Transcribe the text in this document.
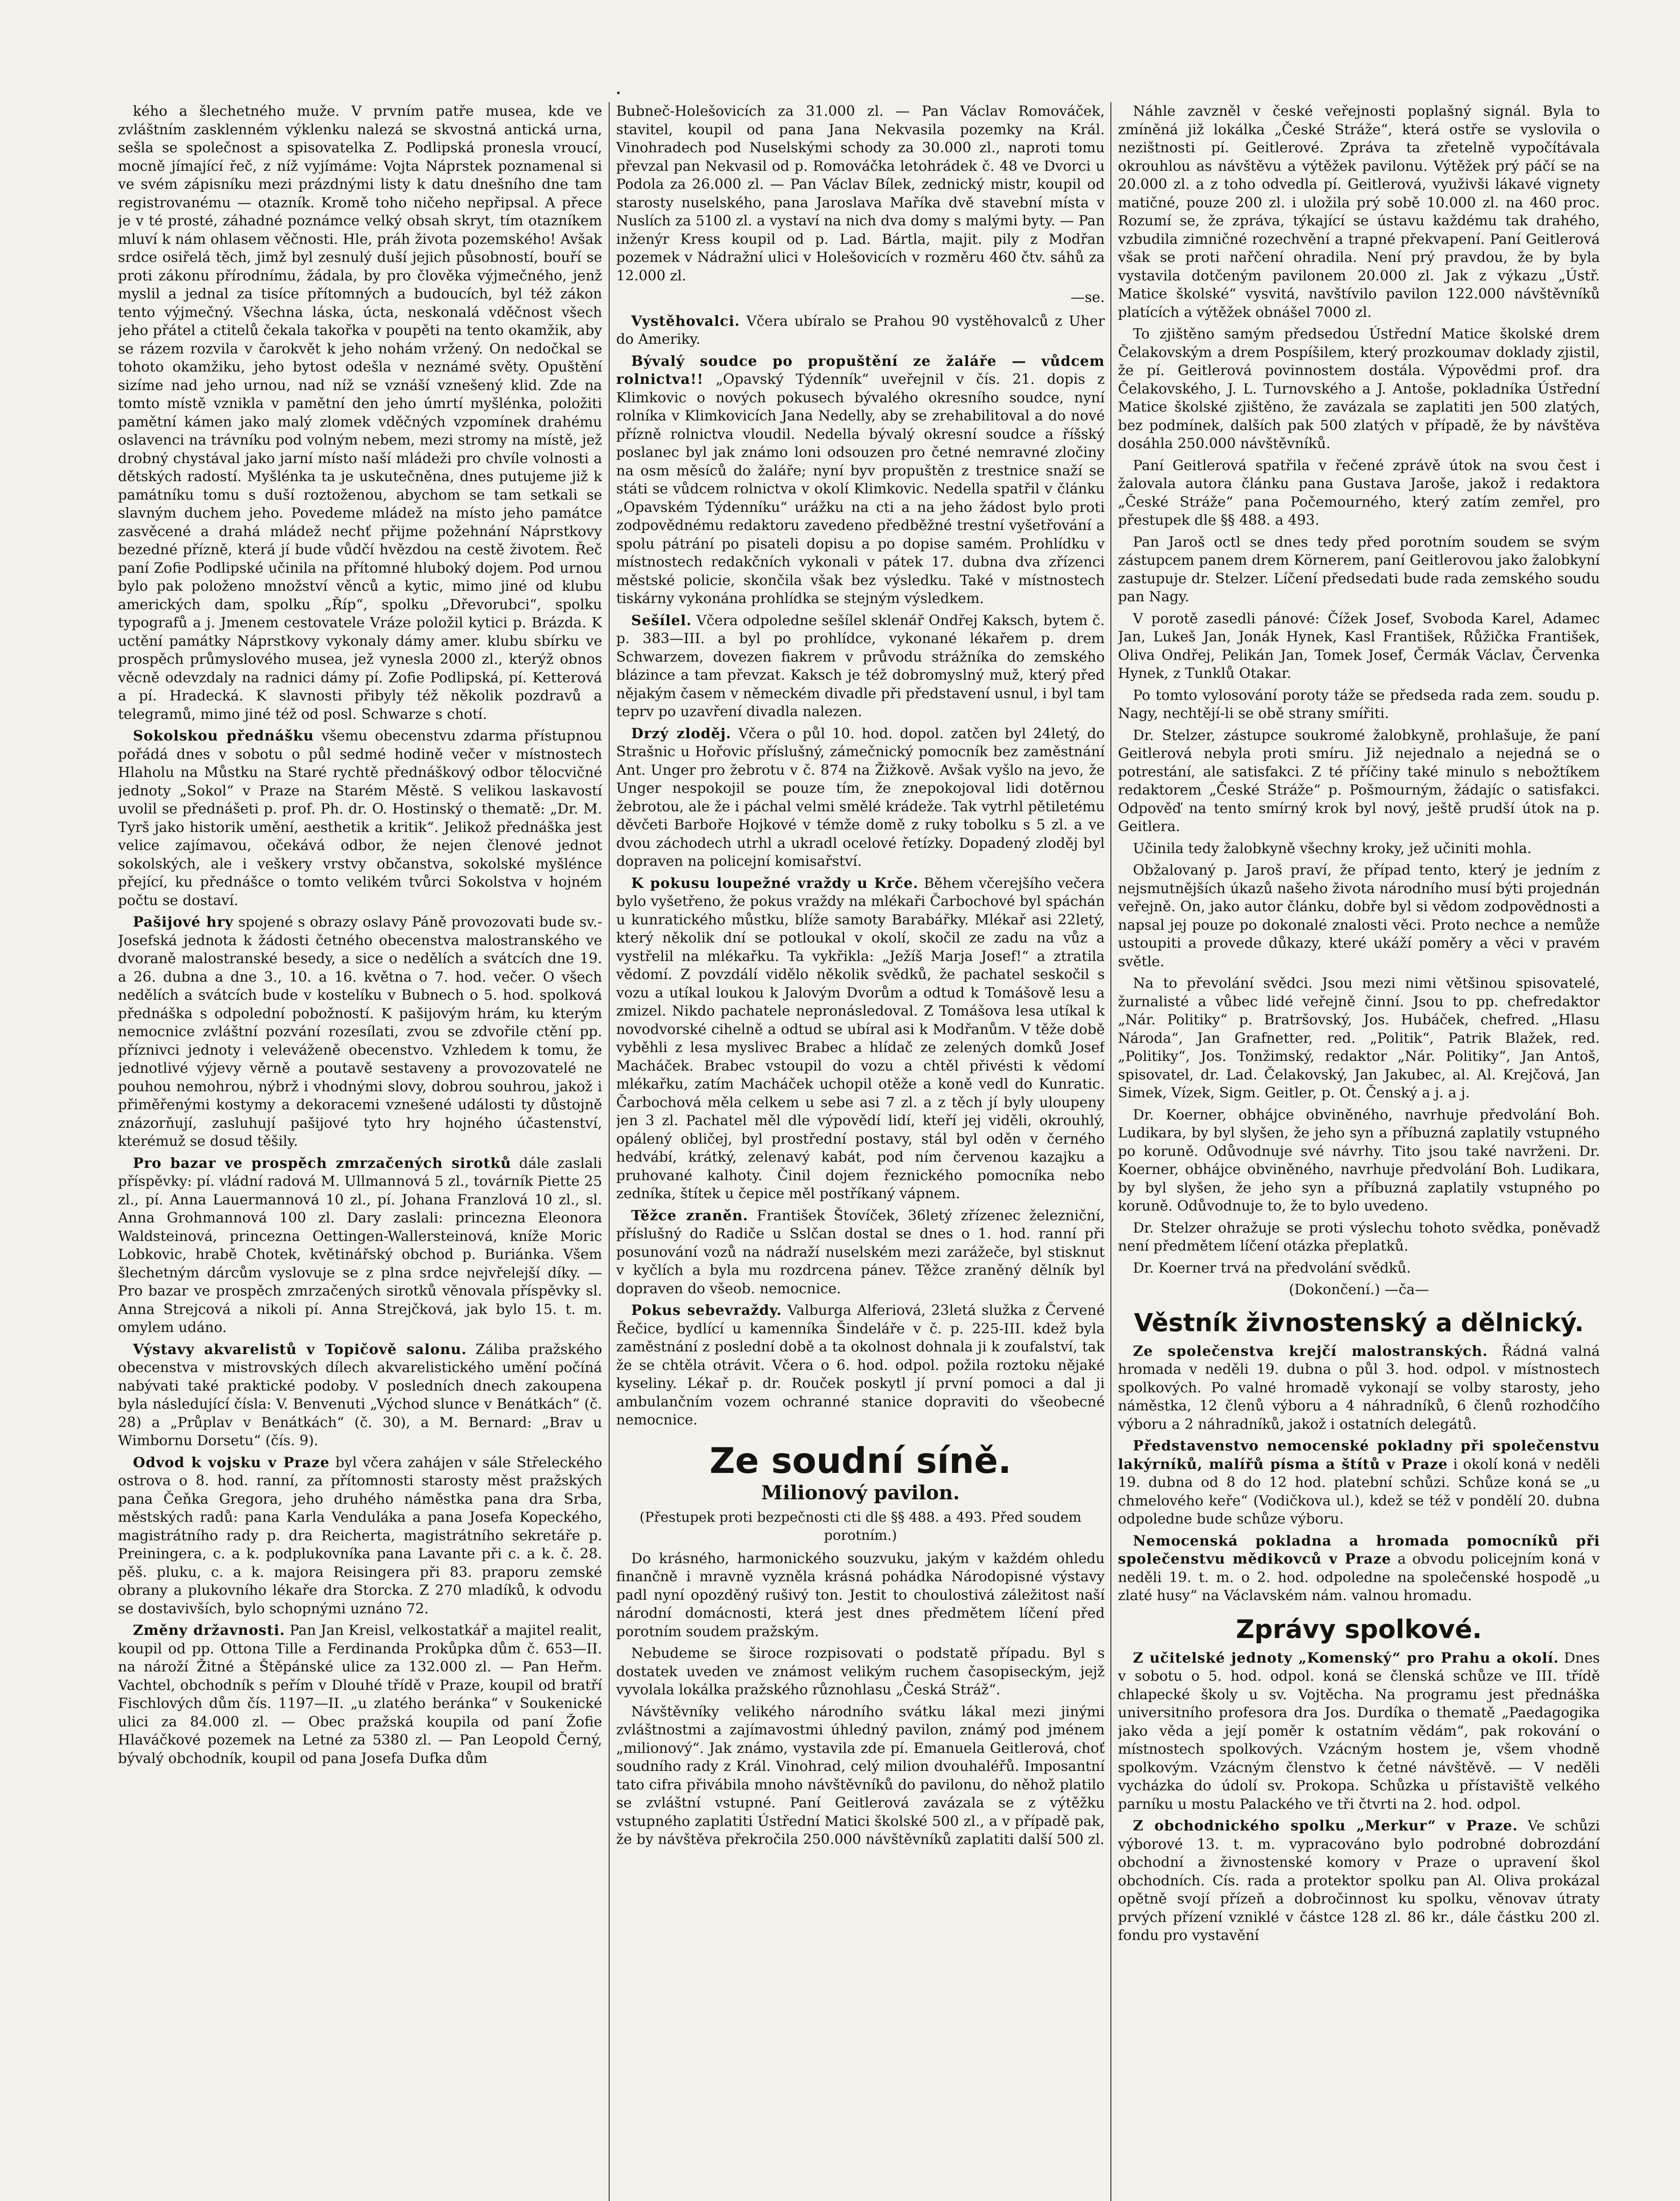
kého a šlechetného muže. V prvním patře musea, kde ve zvláštním zasklenném výklenku nalezá se skvostná antická urna, sešla se společnost a spisovatelka Z. Podlipská pronesla vroucí, mocně jímající řeč, z níž vyjímáme: Vojta Náprstek poznamenal si ve svém zápisníku mezi prázdnými listy k datu dnešního dne tam registrovanému — otazník. Kromě toho ničeho nepřipsal. A přece je v té prosté, záhadné poznámce velký obsah skryt, tím otazníkem mluví k nám ohlasem věčnosti. Hle, práh života pozemského! Avšak srdce osiřelá těch, jimž byl zesnulý duší jejich působností, bouří se proti zákonu přírodnímu, žádala, by pro člověka výjmečného, jenž myslil a jednal za tisíce přítomných a budoucích, byl též zákon tento výjmečný. Všechna láska, úcta, neskonalá vděčnost všech jeho přátel a ctitelů čekala takořka v poupěti na tento okamžik, aby se rázem rozvila v čarokvět k jeho nohám vržený. On nedočkal se tohoto okamžiku, jeho bytost odešla v neznámé světy. Opuštění sizíme nad jeho urnou, nad níž se vznáší vznešený klid. Zde na tomto místě vznikla v pamětní den jeho úmrtí myšlénka, položiti pamětní kámen jako malý zlomek vděčných vzpomínek drahému oslavenci na trávníku pod volným nebem, mezi stromy na místě, jež drobný chystával jako jarní místo naší mládeži pro chvíle volnosti a dětských radostí. Myšlénka ta je uskutečněna, dnes putujeme již k památníku tomu s duší roztoženou, abychom se tam setkali se slavným duchem jeho. Povedeme mládež na místo jeho památce zasvěcené a drahá mládež nechť přijme požehnání Náprstkovy bezedné přízně, která jí bude vůdčí hvězdou na cestě životem. Řeč paní Zofie Podlipské učinila na přítomné hluboký dojem. Pod urnou bylo pak položeno množství věnců a kytic, mimo jiné od klubu amerických dam, spolku „Říp“, spolku „Dřevorubci“, spolku typografů a j. Jmenem cestovatele Vráze položil kytici p. Brázda. K uctění památky Náprstkovy vykonaly dámy amer. klubu sbírku ve prospěch průmyslového musea, jež vynesla 2000 zl., kterýž obnos věcně odevzdaly na radnici dámy pí. Zofie Podlipská, pí. Ketterová a pí. Hradecká. K slavnosti přibyly též několik pozdravů a telegramů, mimo jiné též od posl. Schwarze s chotí.

Sokolskou přednášku všemu obecenstvu zdarma přístupnou pořádá dnes v sobotu o půl sedmé hodině večer v místnostech Hlaholu na Můstku na Staré rychtě přednáškový odbor tělocvičné jednoty „Sokol“ v Praze na Starém Městě. S velikou laskavostí uvolil se přednášeti p. prof. Ph. dr. O. Hostinský o thematě: „Dr. M. Tyrš jako historik umění, aesthetik a kritik“. Jelikož přednáška jest velice zajímavou, očekává odbor, že nejen členové jednot sokolských, ale i veškery vrstvy občanstva, sokolské myšlénce přející, ku přednášce o tomto velikém tvůrci Sokolstva v hojném počtu se dostaví.

Pašijové hry spojené s obrazy oslavy Páně provozovati bude sv.-Josefská jednota k žádosti četného obecenstva malostranského ve dvoraně malostranské besedy, a sice o nedělích a svátcích dne 19. a 26. dubna a dne 3., 10. a 16. května o 7. hod. večer. O všech nedělích a svátcích bude v kostelíku v Bubnech o 5. hod. spolková přednáška s odpolední pobožností. K pašijovým hrám, ku kterým nemocnice zvláštní pozvání rozesílati, zvou se zdvořile ctění pp. příznivci jednoty i veleváženě obecenstvo. Vzhledem k tomu, že jednotlivé výjevy věrně a poutavě sestaveny a provozovatelé ne pouhou nemohrou, nýbrž i vhodnými slovy, dobrou souhrou, jakož i přiměřenými kostymy a dekoracemi vznešené události ty důstojně znázorňují, zasluhují pašijové tyto hry hojného účastenství, kterémuž se dosud těšily.

Pro bazar ve prospěch zmrzačených sirotků dále zaslali příspěvky: pí. vládní radová M. Ullmannová 5 zl., továrník Piette 25 zl., pí. Anna Lauermannová 10 zl., pí. Johana Franzlová 10 zl., sl. Anna Grohmannová 100 zl. Dary zaslali: princezna Eleonora Waldsteinová, princezna Oettingen-Wallersteinová, kníže Moric Lobkovic, hrabě Chotek, květinářský obchod p. Buriánka. Všem šlechetným dárcům vyslovuje se z plna srdce nejvřelejší díky. — Pro bazar ve prospěch zmrzačených sirotků věnovala příspěvky sl. Anna Strejcová a nikoli pí. Anna Strejčková, jak bylo 15. t. m. omylem udáno.

Výstavy akvarelistů v Topičově salonu. Záliba pražského obecenstva v mistrovských dílech akvarelistického umění počíná nabývati také praktické podoby. V posledních dnech zakoupena byla následující čísla: V. Benvenuti „Východ slunce v Benátkách“ (č. 28) a „Průplav v Benátkách“ (č. 30), a M. Bernard: „Brav u Wimbornu Dorsetu“ (čís. 9).

Odvod k vojsku v Praze byl včera zahájen v sále Střeleckého ostrova o 8. hod. ranní, za přítomnosti starosty měst pražských pana Čeňka Gregora, jeho druhého náměstka pana dra Srba, městských radů: pana Karla Venduláka a pana Josefa Kopeckého, magistrátního rady p. dra Reicherta, magistrátního sekretáře p. Preiningera, c. a k. podplukovníka pana Lavante při c. a k. č. 28. pěš. pluku, c. a k. majora Reisingera při 83. praporu zemské obrany a plukovního lékaře dra Storcka. Z 270 mladíků, k odvodu se dostavivších, bylo schopnými uznáno 72.

Změny državnosti. Pan Jan Kreisl, velkostatkář a majitel realit, koupil od pp. Ottona Tille a Ferdinanda Prokůpka dům č. 653—II. na nároží Žitné a Štěpánské ulice za 132.000 zl. — Pan Heřm. Vachtel, obchodník s peřím v Dlouhé třídě v Praze, koupil od bratří Fischlových dům čís. 1197—II. „u zlatého beránka“ v Soukenické ulici za 84.000 zl. — Obec pražská koupila od paní Žofie Hlaváčkové pozemek na Letné za 5380 zl. — Pan Leopold Černý, bývalý obchodník, koupil od pana Josefa Dufka dům

Bubneč-Holešovicích za 31.000 zl. — Pan Václav Romováček, stavitel, koupil od pana Jana Nekvasila pozemky na Král. Vinohradech pod Nuselskými schody za 30.000 zl., naproti tomu převzal pan Nekvasil od p. Romováčka letohrádek č. 48 ve Dvorci u Podola za 26.000 zl. — Pan Václav Bílek, zednický mistr, koupil od starosty nuselského, pana Jaroslava Maříka dvě stavební místa v Nuslích za 5100 zl. a vystaví na nich dva domy s malými byty. — Pan inženýr Kress koupil od p. Lad. Bártla, majit. pily z Modřan pozemek v Nádražní ulici v Holešovicích v rozměru 460 čtv. sáhů za 12.000 zl.

—se.

Vystěhovalci. Včera ubíralo se Prahou 90 vystěhovalců z Uher do Ameriky.

Bývalý soudce po propuštění ze žaláře — vůdcem rolnictva!! „Opavský Týdenník“ uveřejnil v čís. 21. dopis z Klimkovic o nových pokusech bývalého okresního soudce, nyní rolníka v Klimkovicích Jana Nedelly, aby se zrehabilitoval a do nové přízně rolnictva vloudil. Nedella bývalý okresní soudce a říšský poslanec byl jak známo loni odsouzen pro četné nemravné zločiny na osm měsíců do žaláře; nyní byv propuštěn z trestnice snaží se státi se vůdcem rolnictva v okolí Klimkovic. Nedella spatřil v článku „Opavském Týdenníku“ urážku na cti a na jeho žádost bylo proti zodpovědnému redaktoru zavedeno předběžné trestní vyšetřování a spolu pátrání po pisateli dopisu a po dopise samém. Prohlídku v místnostech redakčních vykonali v pátek 17. dubna dva zřízenci městské policie, skončila však bez výsledku. Také v místnostech tiskárny vykonána prohlídka se stejným výsledkem.

Sešílel. Včera odpoledne sešílel sklenář Ondřej Kaksch, bytem č. p. 383—III. a byl po prohlídce, vykonané lékařem p. drem Schwarzem, dovezen fiakrem v průvodu strážníka do zemského blázince a tam převzat. Kaksch je též dobromyslný muž, který před nějakým časem v německém divadle při představení usnul, i byl tam teprv po uzavření divadla nalezen.

Drzý zloděj. Včera o půl 10. hod. dopol. zatčen byl 24letý, do Strašnic u Hořovic příslušný, zámečnický pomocník bez zaměstnání Ant. Unger pro žebrotu v č. 874 na Žižkově. Avšak vyšlo na jevo, že Unger nespokojil se pouze tím, že znepokojoval lidi dotěrnou žebrotou, ale že i páchal velmi smělé krádeže. Tak vytrhl pětiletému děvčeti Barboře Hojkové v témže domě z ruky tobolku s 5 zl. a ve dvou záchodech utrhl a ukradl ocelové řetízky. Dopadený zloděj byl dopraven na policejní komisařství.

K pokusu loupežné vraždy u Krče. Během včerejšího večera bylo vyšetřeno, že pokus vraždy na mlékaři Čarbochové byl spáchán u kunratického můstku, blíže samoty Barabářky. Mlékař asi 22letý, který několik dní se potloukal v okolí, skočil ze zadu na vůz a vystřelil na mlékařku. Ta vykřikla: „Ježíš Marja Josef!“ a ztratila vědomí. Z povzdálí vidělo několik svědků, že pachatel seskočil s vozu a utíkal loukou k Jalovým Dvorům a odtud k Tomášově lesu a zmizel. Nikdo pachatele nepronásledoval. Z Tomášova lesa utíkal k novodvorské cihelně a odtud se ubíral asi k Modřanům. V těže době vyběhli z lesa myslivec Brabec a hlídač ze zelených domků Josef Macháček. Brabec vstoupil do vozu a chtěl přivésti k vědomí mlékařku, zatím Macháček uchopil otěže a koně vedl do Kunratic. Čarbochová měla celkem u sebe asi 7 zl. a z těch jí byly uloupeny jen 3 zl. Pachatel měl dle výpovědí lidí, kteří jej viděli, okrouhlý, opálený obličej, byl prostřední postavy, stál byl oděn v černého hedvábí, krátký, zelenavý kabát, pod ním červenou kazajku a pruhované kalhoty. Činil dojem řeznického pomocníka nebo zedníka, štítek u čepice měl postříkaný vápnem.

Těžce zraněn. František Štovíček, 36letý zřízenec železniční, příslušný do Radiče u Sslčan dostal se dnes o 1. hod. ranní při posunování vozů na nádraží nuselském mezi zarážeče, byl stisknut v kyčlích a byla mu rozdrcena pánev. Těžce zraněný dělník byl dopraven do všeob. nemocnice.

Pokus sebevraždy. Valburga Alferiová, 23letá služka z Červené Řečice, bydlící u kamenníka Šindeláře v č. p. 225-III. kdež byla zaměstnání z poslední době a ta okolnost dohnala ji k zoufalství, tak že se chtěla otrávit. Včera o 6. hod. odpol. požila roztoku nějaké kyseliny. Lékař p. dr. Rouček poskytl jí první pomoci a dal ji ambulančním vozem ochranné stanice dopraviti do všeobecné nemocnice.

Ze soudní síně.
Milionový pavilon.

(Přestupek proti bezpečnosti cti dle §§ 488. a 493. Před soudem porotním.)

Do krásného, harmonického souzvuku, jakým v každém ohledu finančně i mravně vyzněla krásná pohádka Národopisné výstavy padl nyní opozděný rušivý ton. Jestit to choulostivá záležitost naší národní domácnosti, která jest dnes předmětem líčení před porotním soudem pražským.

Nebudeme se široce rozpisovati o podstatě případu. Byl s dostatek uveden ve známost velikým ruchem časopiseckým, jejž vyvolala lokálka pražského různohlasu „Česká Stráž“.

Návštěvníky velikého národního svátku lákal mezi jinými zvláštnostmi a zajímavostmi úhledný pavilon, známý pod jménem „milionový“. Jak známo, vystavila zde pí. Emanuela Geitlerová, choť soudního rady z Král. Vinohrad, celý milion dvouhaléřů. Imposantní tato cifra přivábila mnoho návštěvníků do pavilonu, do něhož platilo se zvláštní vstupné. Paní Geitlerová zavázala se z výtěžku vstupného zaplatiti Ústřední Matici školské 500 zl., a v případě pak, že by návštěva překročila 250.000 návštěvníků zaplatiti další 500 zl.

Náhle zavzněl v české veřejnosti poplašný signál. Byla to zmíněná již lokálka „České Stráže“, která ostře se vyslovila o nezištnosti pí. Geitlerové. Zpráva ta zřetelně vypočítávala okrouhlou as návštěvu a výtěžek pavilonu. Výtěžek prý páčí se na 20.000 zl. a z toho odvedla pí. Geitlerová, využivši lákavé vignety matičné, pouze 200 zl. i uložila prý sobě 10.000 zl. na 460 proc. Rozumí se, že zpráva, týkající se ústavu každému tak drahého, vzbudila zimničné rozechvění a trapné překvapení. Paní Geitlerová však se proti nařčení ohradila. Není prý pravdou, že by byla vystavila dotčeným pavilonem 20.000 zl. Jak z výkazu „Ústř. Matice školské“ vysvitá, navštívilo pavilon 122.000 návštěvníků platících a výtěžek obnášel 7000 zl.

To zjištěno samým předsedou Ústřední Matice školské drem Čelakovským a drem Pospíšilem, který prozkoumav doklady zjistil, že pí. Geitlerová povinnostem dostála. Výpovědmi prof. dra Čelakovského, J. L. Turnovského a J. Antoše, pokladníka Ústřední Matice školské zjištěno, že zavázala se zaplatiti jen 500 zlatých, bez podmínek, dalších pak 500 zlatých v případě, že by návštěva dosáhla 250.000 návštěvníků.

Paní Geitlerová spatřila v řečené zprávě útok na svou čest i žalovala autora článku pana Gustava Jaroše, jakož i redaktora „České Stráže“ pana Počemourného, který zatím zemřel, pro přestupek dle §§ 488. a 493.

Pan Jaroš octl se dnes tedy před porotním soudem se svým zástupcem panem drem Körnerem, paní Geitlerovou jako žalobkyní zastupuje dr. Stelzer. Líčení předsedati bude rada zemského soudu pan Nagy.

V porotě zasedli pánové: Čížek Josef, Svoboda Karel, Adamec Jan, Lukeš Jan, Jonák Hynek, Kasl František, Růžička František, Oliva Ondřej, Pelikán Jan, Tomek Josef, Čermák Václav, Červenka Hynek, z Tunklů Otakar.

Po tomto vylosování poroty táže se předseda rada zem. soudu p. Nagy, nechtějí-li se obě strany smířiti.

Dr. Stelzer, zástupce soukromé žalobkyně, prohlašuje, že paní Geitlerová nebyla proti smíru. Již nejednalo a nejedná se o potrestání, ale satisfakci. Z té příčiny také minulo s nebožtíkem redaktorem „České Stráže“ p. Pošmourným, žádajíc o satisfakci. Odpověď na tento smírný krok byl nový, ještě prudší útok na p. Geitlera.

Učinila tedy žalobkyně všechny kroky, jež učiniti mohla.

Obžalovaný p. Jaroš praví, že případ tento, který je jedním z nejsmutnějších úkazů našeho života národního musí býti projednán veřejně. On, jako autor článku, dobře byl si vědom zodpovědnosti a napsal jej pouze po dokonalé znalosti věci. Proto nechce a nemůže ustoupiti a provede důkazy, které ukáží poměry a věci v pravém světle.

Na to převolání svědci. Jsou mezi nimi většinou spisovatelé, žurnalisté a vůbec lidé veřejně činní. Jsou to pp. chefredaktor „Nár. Politiky“ p. Bratršovský, Jos. Hubáček, chefred. „Hlasu Národa“, Jan Grafnetter, red. „Politik“, Patrik Blažek, red. „Politiky“, Jos. Tonžimský, redaktor „Nár. Politiky“, Jan Antoš, spisovatel, dr. Lad. Čelakovský, Jan Jakubec, al. Al. Krejčová, Jan Simek, Vízek, Sigm. Geitler, p. Ot. Čenský a j. a j.

Dr. Koerner, obhájce obviněného, navrhuje předvolání Boh. Ludikara, by byl slyšen, že jeho syn a příbuzná zaplatily vstupného po koruně. Odůvodnuje své návrhy. Tito jsou také navrženi. Dr. Koerner, obhájce obviněného, navrhuje předvolání Boh. Ludikara, by byl slyšen, že jeho syn a příbuzná zaplatily vstupného po koruně. Odůvodnuje to, že to bylo uvedeno.

Dr. Stelzer ohražuje se proti výslechu tohoto svědka, poněvadž není předmětem líčení otázka přeplatků.

Dr. Koerner trvá na předvolání svědků.

(Dokončení.) —ča—

Věstník živnostenský a dělnický.

Ze společenstva krejčí malostranských. Řádná valná hromada v neděli 19. dubna o půl 3. hod. odpol. v místnostech spolkových. Po valné hromadě vykonají se volby starosty, jeho náměstka, 12 členů výboru a 4 náhradníků, 6 členů rozhodčího výboru a 2 náhradníků, jakož i ostatních delegátů.

Představenstvo nemocenské pokladny při společenstvu lakýrníků, malířů písma a štítů v Praze i okolí koná v neděli 19. dubna od 8 do 12 hod. platební schůzi. Schůze koná se „u chmelového keře“ (Vodičkova ul.), kdež se též v pondělí 20. dubna odpoledne bude schůze výboru.

Nemocenská pokladna a hromada pomocníků při společenstvu mědikovců v Praze a obvodu policejním koná v neděli 19. t. m. o 2. hod. odpoledne na společenské hospodě „u zlaté husy“ na Václavském nám. valnou hromadu.

Zprávy spolkové.

Z učitelské jednoty „Komenský“ pro Prahu a okolí. Dnes v sobotu o 5. hod. odpol. koná se členská schůze ve III. třídě chlapecké školy u sv. Vojtěcha. Na programu jest přednáška universitního profesora dra Jos. Durdíka o thematě „Paedagogika jako věda a její poměr k ostatním vědám“, pak rokování o místnostech spolkových. Vzácným hostem je, všem vhodně spolkovým. Vzácným členstvo k četné návštěvě. — V neděli vycházka do údolí sv. Prokopa. Schůzka u přístaviště velkého parníku u mostu Palackého ve tři čtvrti na 2. hod. odpol.

Z obchodnického spolku „Merkur“ v Praze. Ve schůzi výborové 13. t. m. vypracováno bylo podrobné dobrozdání obchodní a živnostenské komory v Praze o upravení škol obchodních. Cís. rada a protektor spolku pan Al. Oliva prokázal opětně svojí přízeň a dobročinnost ku spolku, věnovav útraty prvých přízení vzniklé v částce 128 zl. 86 kr., dále částku 200 zl. fondu pro vystavění
